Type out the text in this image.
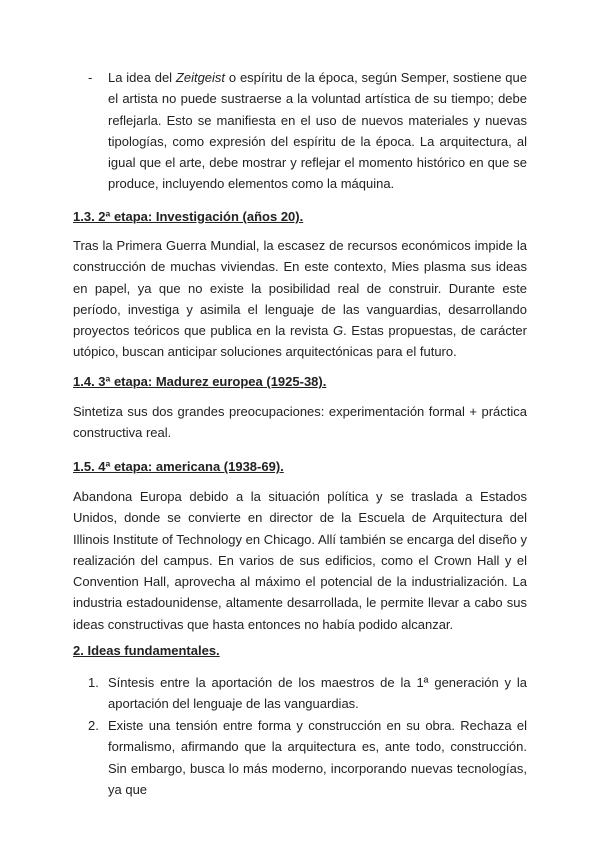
- La idea del Zeitgeist o espíritu de la época, según Semper, sostiene que el artista no puede sustraerse a la voluntad artística de su tiempo; debe reflejarla. Esto se manifiesta en el uso de nuevos materiales y nuevas tipologías, como expresión del espíritu de la época. La arquitectura, al igual que el arte, debe mostrar y reflejar el momento histórico en que se produce, incluyendo elementos como la máquina.

1.3. 2ª etapa: Investigación (años 20).

Tras la Primera Guerra Mundial, la escasez de recursos económicos impide la construcción de muchas viviendas. En este contexto, Mies plasma sus ideas en papel, ya que no existe la posibilidad real de construir. Durante este período, investiga y asimila el lenguaje de las vanguardias, desarrollando proyectos teóricos que publica en la revista G. Estas propuestas, de carácter utópico, buscan anticipar soluciones arquitectónicas para el futuro.

1.4. 3ª etapa: Madurez europea (1925-38).

Sintetiza sus dos grandes preocupaciones: experimentación formal + práctica constructiva real.

1.5. 4ª etapa: americana (1938-69).

Abandona Europa debido a la situación política y se traslada a Estados Unidos, donde se convierte en director de la Escuela de Arquitectura del Illinois Institute of Technology en Chicago. Allí también se encarga del diseño y realización del campus. En varios de sus edificios, como el Crown Hall y el Convention Hall, aprovecha al máximo el potencial de la industrialización. La industria estadounidense, altamente desarrollada, le permite llevar a cabo sus ideas constructivas que hasta entonces no había podido alcanzar.

2. Ideas fundamentales.
1. Síntesis entre la aportación de los maestros de la 1ª generación y la aportación del lenguaje de las vanguardias.

2. Existe una tensión entre forma y construcción en su obra. Rechaza el formalismo, afirmando que la arquitectura es, ante todo, construcción. Sin embargo, busca lo más moderno, incorporando nuevas tecnologías, ya que
